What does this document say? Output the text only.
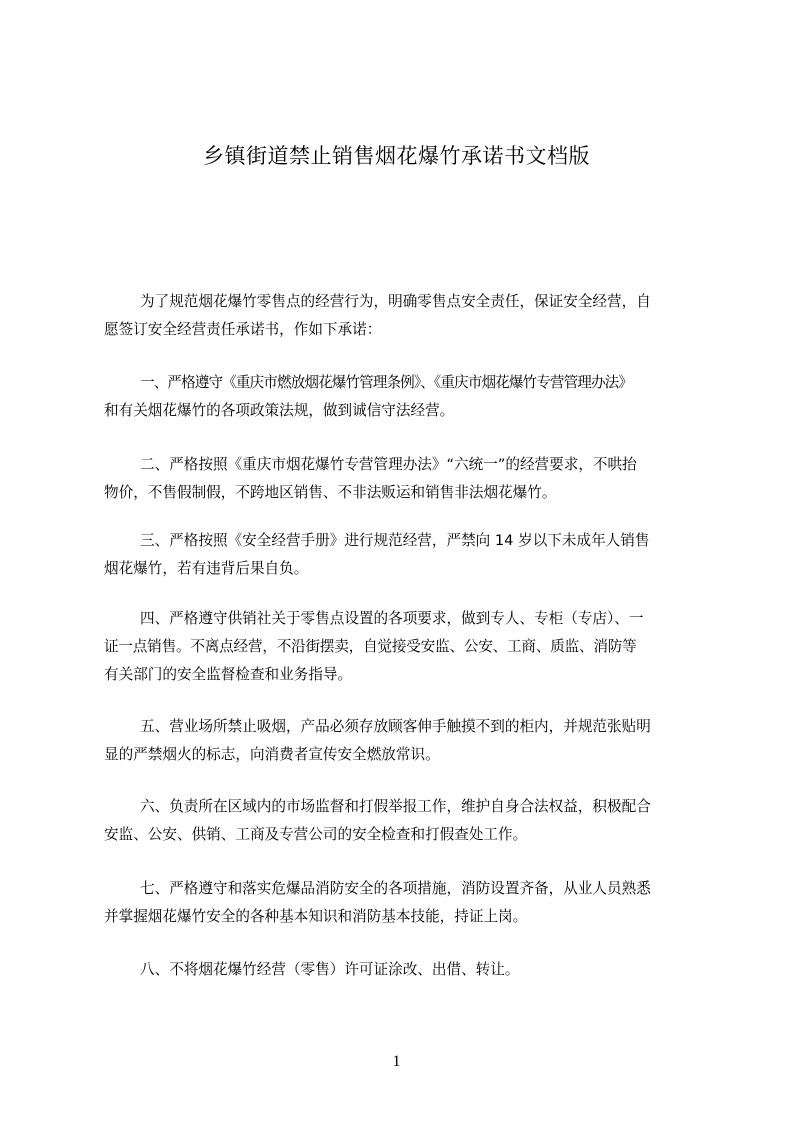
乡镇街道禁止销售烟花爆竹承诺书文档版
为了规范烟花爆竹零售点的经营行为，明确零售点安全责任，保证安全经营，自
愿签订安全经营责任承诺书，作如下承诺：
一、严格遵守《重庆市燃放烟花爆竹管理条例》、《重庆市烟花爆竹专营管理办法》
和有关烟花爆竹的各项政策法规，做到诚信守法经营。
二、严格按照《重庆市烟花爆竹专营管理办法》“六统一”的经营要求，不哄抬
物价，不售假制假，不跨地区销售、不非法贩运和销售非法烟花爆竹。
三、严格按照《安全经营手册》进行规范经营，严禁向 14 岁以下未成年人销售
烟花爆竹，若有违背后果自负。
四、严格遵守供销社关于零售点设置的各项要求，做到专人、专柜（专店）、一
证一点销售。不离点经营，不沿街摆卖，自觉接受安监、公安、工商、质监、消防等
有关部门的安全监督检查和业务指导。
五、营业场所禁止吸烟，产品必须存放顾客伸手触摸不到的柜内，并规范张贴明
显的严禁烟火的标志，向消费者宣传安全燃放常识。
六、负责所在区域内的市场监督和打假举报工作，维护自身合法权益，积极配合
安监、公安、供销、工商及专营公司的安全检查和打假查处工作。
七、严格遵守和落实危爆品消防安全的各项措施，消防设置齐备，从业人员熟悉
并掌握烟花爆竹安全的各种基本知识和消防基本技能，持证上岗。
八、不将烟花爆竹经营（零售）许可证涂改、出借、转让。
1
